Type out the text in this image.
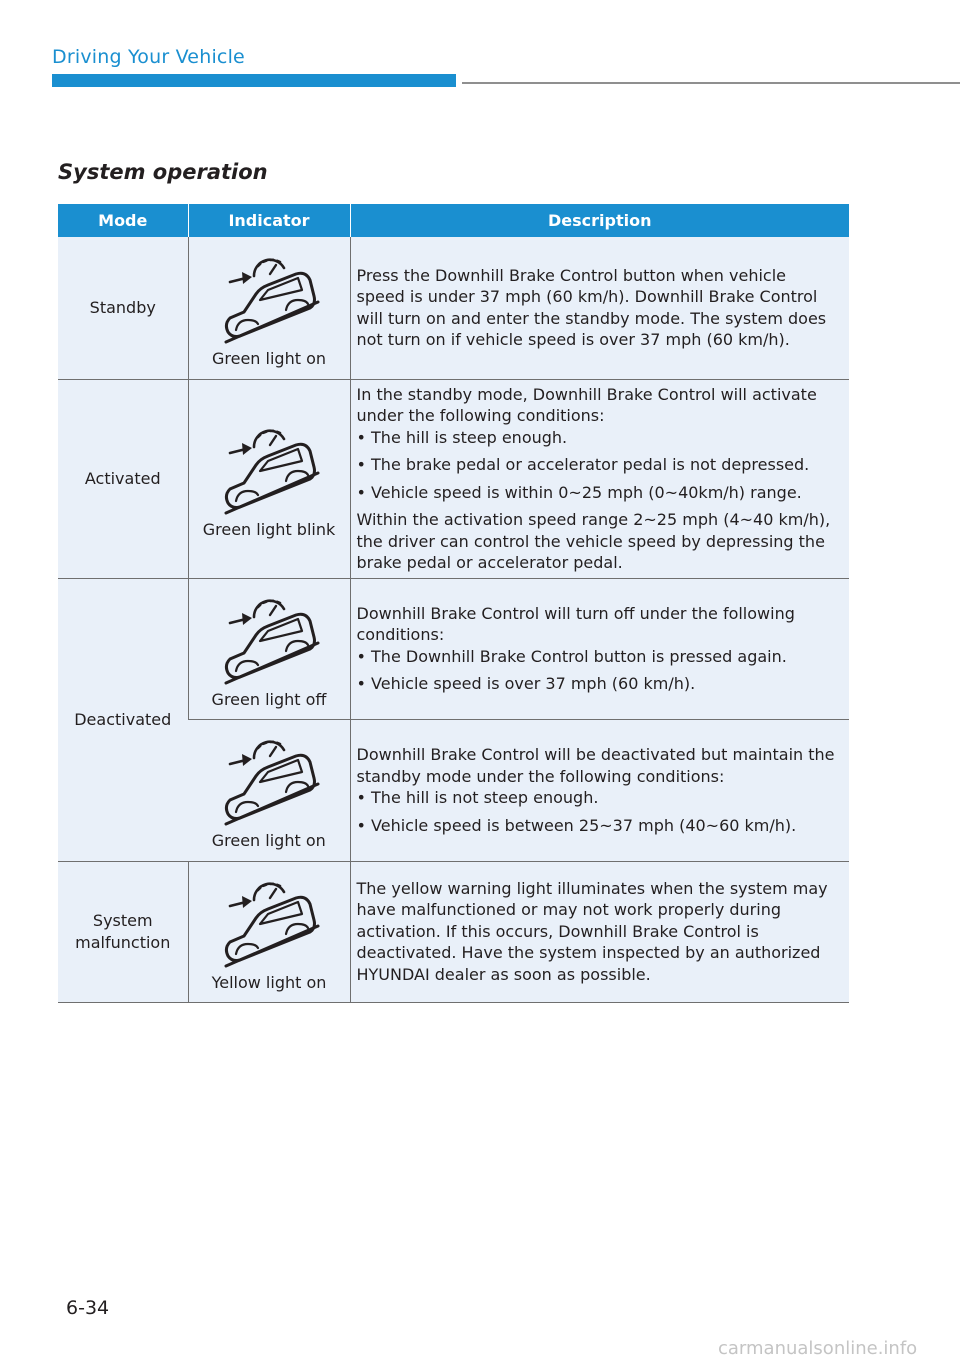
Driving Your Vehicle
System operation
Mode	Indicator	Description
Standby	Green light on	Press the Downhill Brake Control button when vehicle speed is under 37 mph (60 km/h). Downhill Brake Control will turn on and enter the standby mode. The system does not turn on if vehicle speed is over 37 mph (60 km/h).

Activated	Green light blink	In the standby mode, Downhill Brake Control will activate under the following conditions:

• The hill is steep enough.
• The brake pedal or accelerator pedal is not depressed.
• Vehicle speed is within 0~25 mph (0~40km/h) range.

Within the activation speed range 2~25 mph (4~40 km/h), the driver can control the vehicle speed by depressing the brake pedal or accelerator pedal.

Deactivated	Green light off	Downhill Brake Control will turn off under the following conditions:

• The Downhill Brake Control button is pressed again.
• Vehicle speed is over 37 mph (60 km/h).

	Green light on	Downhill Brake Control will be deactivated but maintain the standby mode under the following conditions:

• The hill is not steep enough.
• Vehicle speed is between 25~37 mph (40~60 km/h).

System malfunction	Yellow light on	The yellow warning light illuminates when the system may have malfunctioned or may not work properly during activation. If this occurs, Downhill Brake Control is deactivated. Have the system inspected by an authorized HYUNDAI dealer as soon as possible.

6-34
carmanualsonline.info
